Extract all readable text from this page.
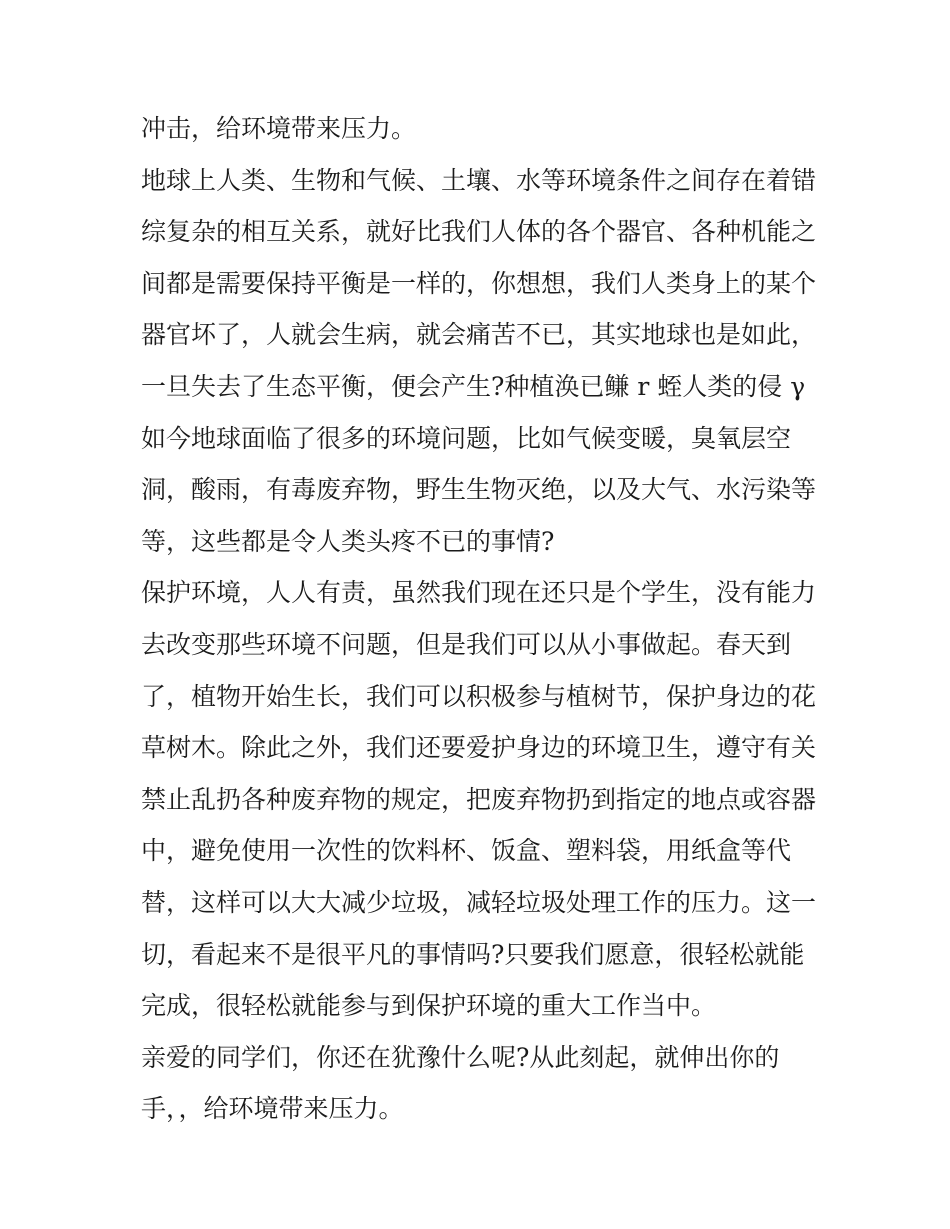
冲击，给环境带来压力。
地球上人类、生物和气候、土壤、水等环境条件之间存在着错
综复杂的相互关系，就好比我们人体的各个器官、各种机能之
间都是需要保持平衡是一样的，你想想，我们人类身上的某个
器官坏了，人就会生病，就会痛苦不已，其实地球也是如此，
一旦失去了生态平衡，便会产生?种植涣已鳒 r 蛭人类的侵 γ
如今地球面临了很多的环境问题，比如气候变暖，臭氧层空
洞，酸雨，有毒废弃物，野生生物灭绝，以及大气、水污染等
等，这些都是令人类头疼不已的事情?
保护环境，人人有责，虽然我们现在还只是个学生，没有能力
去改变那些环境不问题，但是我们可以从小事做起。春天到
了，植物开始生长，我们可以积极参与植树节，保护身边的花
草树木。除此之外，我们还要爱护身边的环境卫生，遵守有关
禁止乱扔各种废弃物的规定，把废弃物扔到指定的地点或容器
中，避免使用一次性的饮料杯、饭盒、塑料袋，用纸盒等代
替，这样可以大大减少垃圾，减轻垃圾处理工作的压力。这一
切，看起来不是很平凡的事情吗?只要我们愿意，很轻松就能
完成，很轻松就能参与到保护环境的重大工作当中。
亲爱的同学们，你还在犹豫什么呢?从此刻起，就伸出你的
手，，给环境带来压力。
